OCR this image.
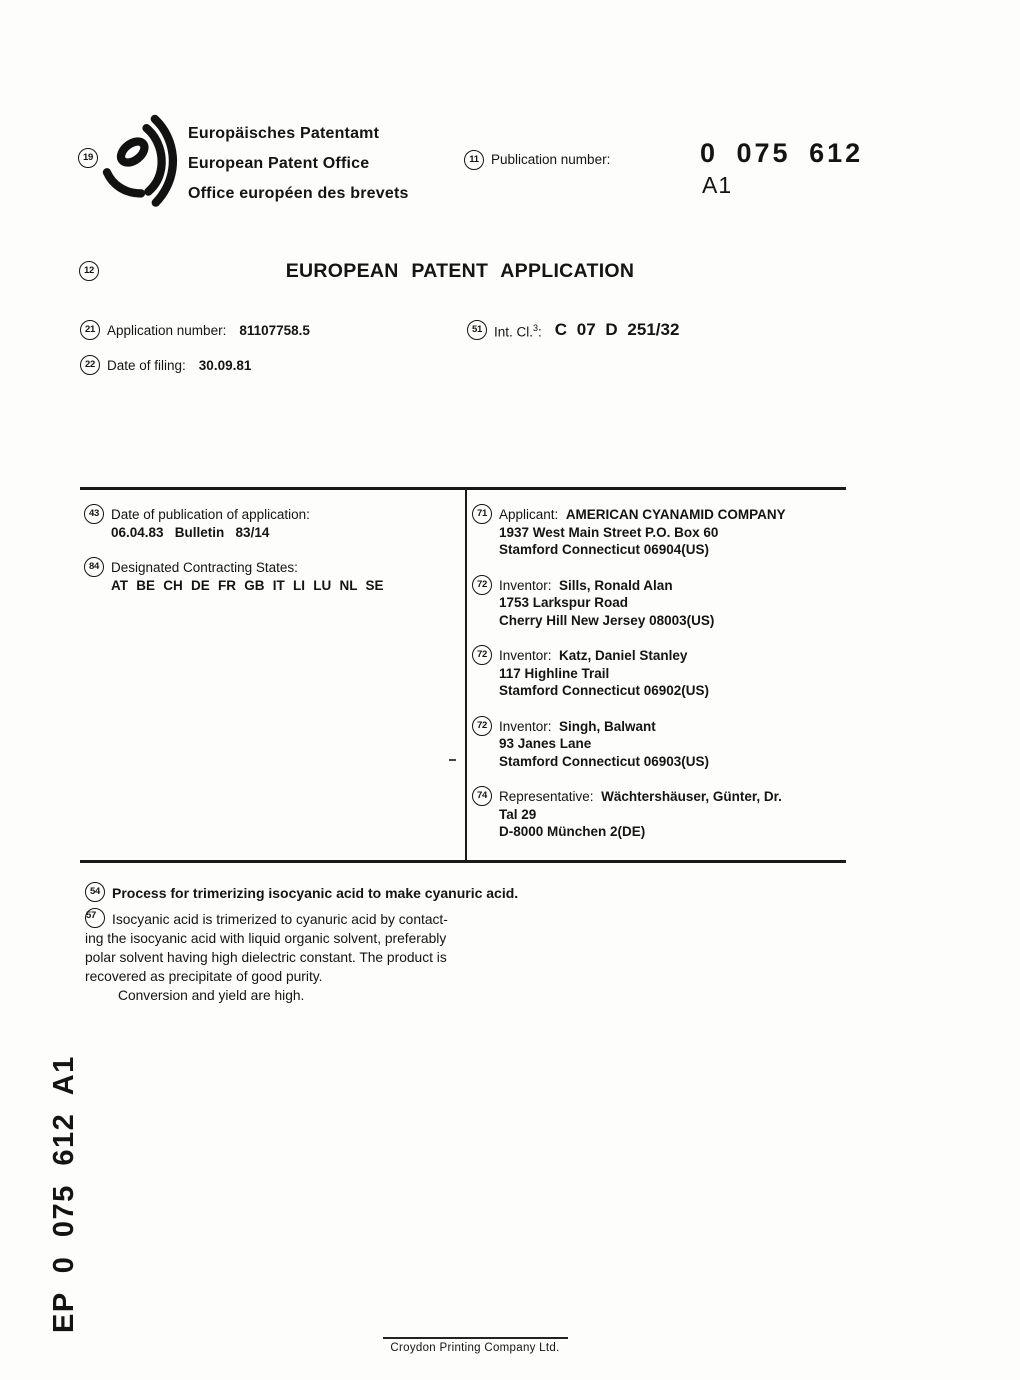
19
Europäisches Patentamt
European Patent Office
Office européen des brevets
11 Publication number:	0 075 612
A1
12	EUROPEAN PATENT APPLICATION
21 Application number: 81107758.5	51 Int. Cl.$^3$: C 07 D 251/32
22 Date of filing: 30.09.81
43 Date of publication of application:
06.04.83   Bulletin   83/14
84 Designated Contracting States:
AT BE CH DE FR GB IT LI LU NL SE
71 Applicant: AMERICAN CYANAMID COMPANY
1937 West Main Street P.O. Box 60
Stamford Connecticut 06904(US)
72 Inventor: Sills, Ronald Alan
1753 Larkspur Road
Cherry Hill New Jersey 08003(US)
72 Inventor: Katz, Daniel Stanley
117 Highline Trail
Stamford Connecticut 06902(US)
72 Inventor: Singh, Balwant
93 Janes Lane
Stamford Connecticut 06903(US)
74 Representative: Wächtershäuser, Günter, Dr.
Tal 29
D-8000 München 2(DE)
54 Process for trimerizing isocyanic acid to make cyanuric acid.
57	Isocyanic acid is trimerized to cyanuric acid by contact-
ing the isocyanic acid with liquid organic solvent, preferably
polar solvent having high dielectric constant. The product is
recovered as precipitate of good purity.
Conversion and yield are high.
EP 0 075 612 A1
Croydon Printing Company Ltd.
